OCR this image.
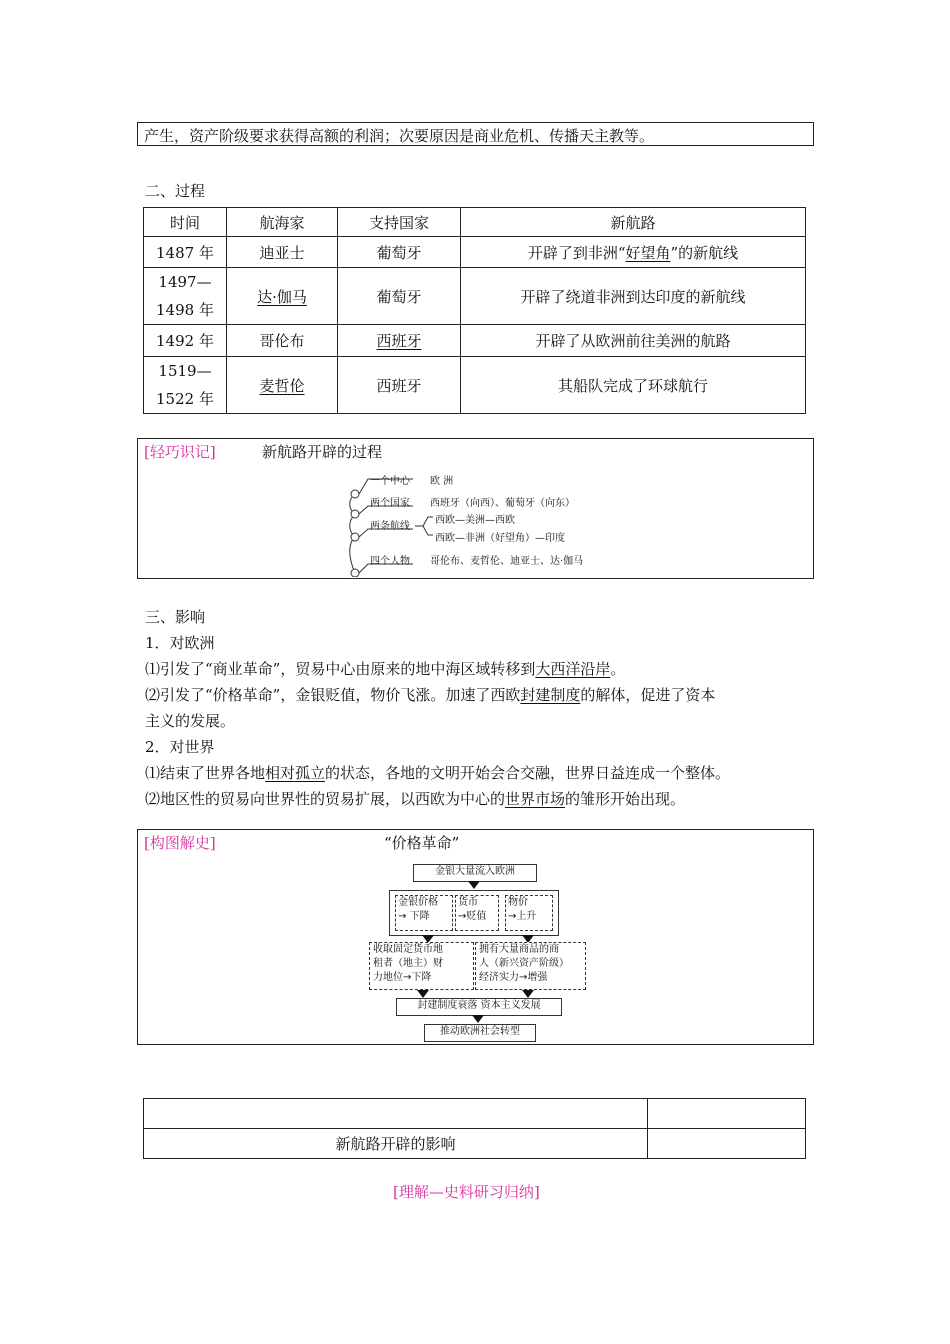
产生，资产阶级要求获得高额的利润；次要原因是商业危机、传播天主教等。
二、过程
时间	航海家	支持国家	新航路
1487 年	迪亚士	葡萄牙	开辟了到非洲“好望角”的新航线
1497—
1498 年	达·伽马	葡萄牙	开辟了绕道非洲到达印度的新航线
1492 年	哥伦布	西班牙	开辟了从欧洲前往美洲的航路
1519—
1522 年	麦哲伦	西班牙	其船队完成了环球航行
[轻巧识记]	新航路开辟的过程
一个中心 欧 洲
两个国家 西班牙（向西）、葡萄牙（向东）
两条航线
西欧—美洲—西欧
西欧—非洲（好望角）—印度
四个人物 哥伦布、麦哲伦、迪亚士、达·伽马
三、影响
1．对欧洲
⑴引发了“商业革命”，贸易中心由原来的地中海区域转移到大西洋沿岸。
⑵引发了“价格革命”，金银贬值，物价飞涨。加速了西欧封建制度的解体，促进了资本
主义的发展。
2．对世界
⑴结束了世界各地相对孤立的状态，各地的文明开始会合交融，世界日益连成一个整体。
⑵地区性的贸易向世界性的贸易扩展，以西欧为中心的世界市场的雏形开始出现。
[构图解史]	“价格革命”
金银大量流入欧洲
金银价格
→ 下降
货币
→贬值
物价
→上升
收取固定货币地
租者（地主）财
力地位→下降
拥有大量商品的商
人（新兴资产阶级）
经济实力→增强
封建制度衰落 资本主义发展
推动欧洲社会转型

新航路开辟的影响	
[理解—史料研习归纳]
